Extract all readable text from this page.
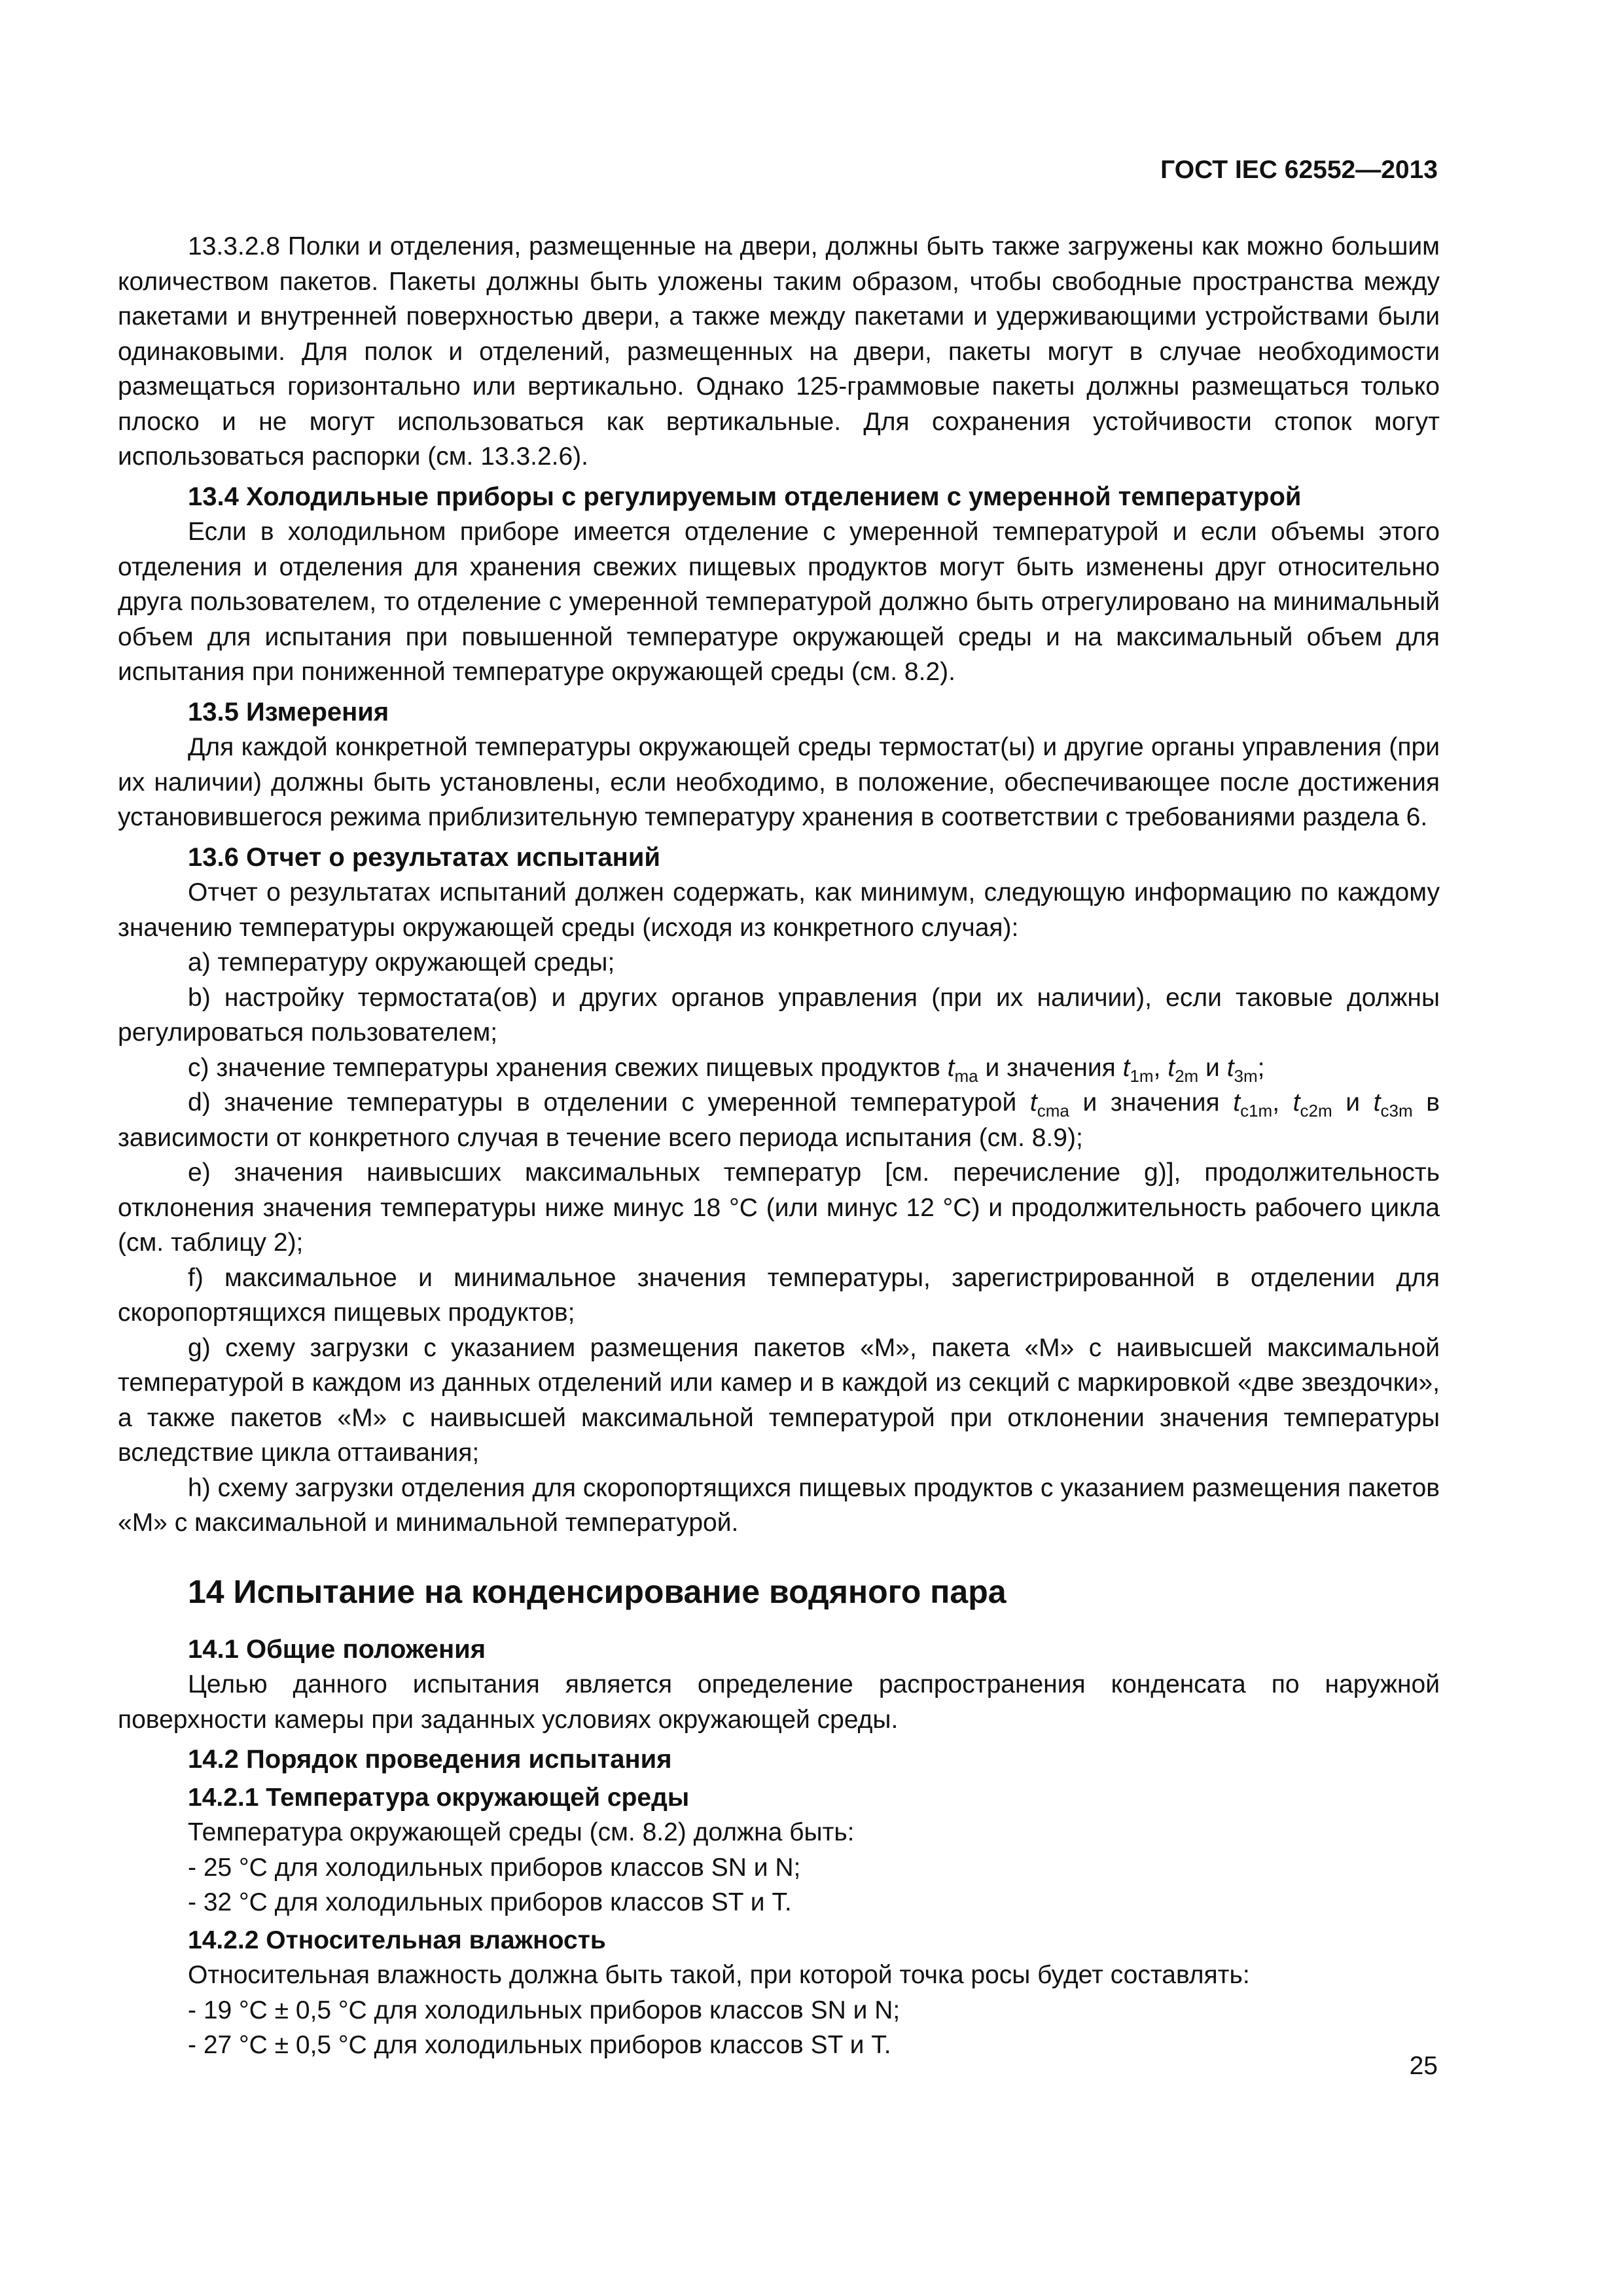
ГОСТ IEC 62552—2013

13.3.2.8 Полки и отделения, размещенные на двери, должны быть также загружены как можно большим количеством пакетов. Пакеты должны быть уложены таким образом, чтобы свободные пространства между пакетами и внутренней поверхностью двери, а также между пакетами и удерживающими устройствами были одинаковыми. Для полок и отделений, размещенных на двери, пакеты могут в случае необходимости размещаться горизонтально или вертикально. Однако 125-граммовые пакеты должны размещаться только плоско и не могут использоваться как вертикальные. Для сохранения устойчивости стопок могут использоваться распорки (см. 13.3.2.6).

13.4 Холодильные приборы с регулируемым отделением с умеренной температурой

Если в холодильном приборе имеется отделение с умеренной температурой и если объемы этого отделения и отделения для хранения свежих пищевых продуктов могут быть изменены друг относительно друга пользователем, то отделение с умеренной температурой должно быть отрегулировано на минимальный объем для испытания при повышенной температуре окружающей среды и на максимальный объем для испытания при пониженной температуре окружающей среды (см. 8.2).

13.5 Измерения

Для каждой конкретной температуры окружающей среды термостат(ы) и другие органы управления (при их наличии) должны быть установлены, если необходимо, в положение, обеспечивающее после достижения установившегося режима приблизительную температуру хранения в соответствии с требованиями раздела 6.

13.6 Отчет о результатах испытаний

Отчет о результатах испытаний должен содержать, как минимум, следующую информацию по каждому значению температуры окружающей среды (исходя из конкретного случая):

а) температуру окружающей среды;

b) настройку термостата(ов) и других органов управления (при их наличии), если таковые должны регулироваться пользователем;

с) значение температуры хранения свежих пищевых продуктов $t_{ma}$ и значения $t_{1m}$, $t_{2m}$ и $t_{3m}$;

d) значение температуры в отделении с умеренной температурой $t_{cma}$ и значения $t_{c1m}$, $t_{c2m}$ и $t_{c3m}$ в зависимости от конкретного случая в течение всего периода испытания (см. 8.9);

e) значения наивысших максимальных температур [см. перечисление g)], продолжительность отклонения значения температуры ниже минус 18 °С (или минус 12 °С) и продолжительность рабочего цикла (см. таблицу 2);

f) максимальное и минимальное значения температуры, зарегистрированной в отделении для скоропортящихся пищевых продуктов;

g) схему загрузки с указанием размещения пакетов «М», пакета «М» с наивысшей максимальной температурой в каждом из данных отделений или камер и в каждой из секций с маркировкой «две звездочки», а также пакетов «М» с наивысшей максимальной температурой при отклонении значения температуры вследствие цикла оттаивания;

h) схему загрузки отделения для скоропортящихся пищевых продуктов с указанием размещения пакетов «М» с максимальной и минимальной температурой.

14 Испытание на конденсирование водяного пара
14.1 Общие положения

Целью данного испытания является определение распространения конденсата по наружной поверхности камеры при заданных условиях окружающей среды.

14.2 Порядок проведения испытания
14.2.1 Температура окружающей среды

Температура окружающей среды (см. 8.2) должна быть:

- 25 °С для холодильных приборов классов SN и N;

- 32 °С для холодильных приборов классов ST и Т.

14.2.2 Относительная влажность

Относительная влажность должна быть такой, при которой точка росы будет составлять:

- 19 °С ± 0,5 °С для холодильных приборов классов SN и N;

- 27 °С ± 0,5 °С для холодильных приборов классов ST и Т.

25
